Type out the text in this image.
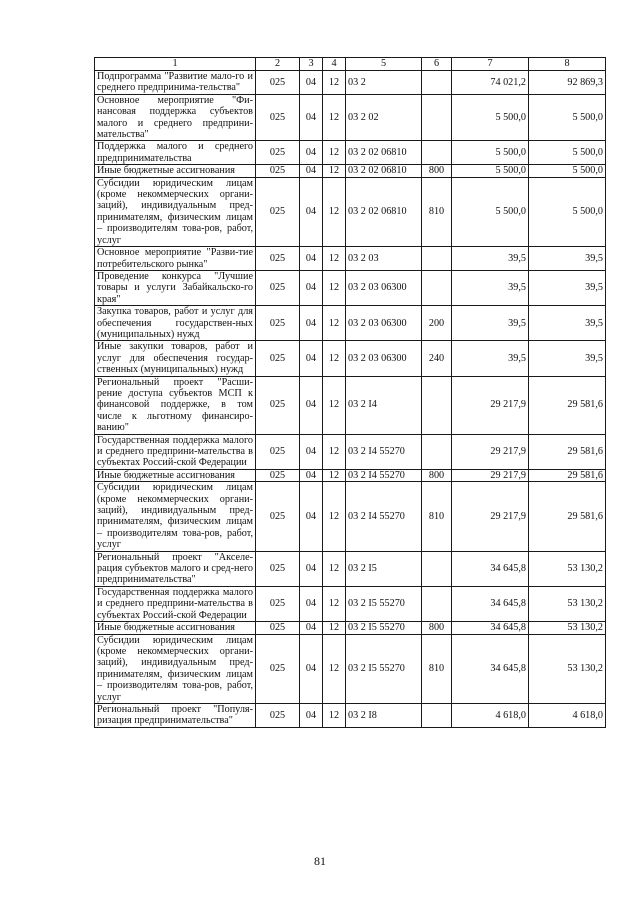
1	2	3	4	5	6	7	8
Подпрограмма "Развитие мало-го и среднего предпринима-тельства"	025	04	12	03 2		74 021,2	92 869,3
Основное мероприятие "Фи-нансовая поддержка субъектов малого и среднего предприни-мательства"	025	04	12	03 2 02		5 500,0	5 500,0
Поддержка малого и среднего предпринимательства	025	04	12	03 2 02 06810		5 500,0	5 500,0
Иные бюджетные ассигнования	025	04	12	03 2 02 06810	800	5 500,0	5 500,0
Субсидии юридическим лицам (кроме некоммерческих органи-заций), индивидуальным пред-принимателям, физическим лицам – производителям това-ров, работ, услуг	025	04	12	03 2 02 06810	810	5 500,0	5 500,0
Основное мероприятие "Разви-тие потребительского рынка"	025	04	12	03 2 03		39,5	39,5
Проведение конкурса "Лучшие товары и услуги Забайкальско-го края"	025	04	12	03 2 03 06300		39,5	39,5
Закупка товаров, работ и услуг для обеспечения государствен-ных (муниципальных) нужд	025	04	12	03 2 03 06300	200	39,5	39,5
Иные закупки товаров, работ и услуг для обеспечения государ-ственных (муниципальных) нужд	025	04	12	03 2 03 06300	240	39,5	39,5
Региональный проект "Расши-рение доступа субъектов МСП к финансовой поддержке, в том числе к льготному финансиро-ванию"	025	04	12	03 2 I4		29 217,9	29 581,6
Государственная поддержка малого и среднего предприни-мательства в субъектах Россий-ской Федерации	025	04	12	03 2 I4 55270		29 217,9	29 581,6
Иные бюджетные ассигнования	025	04	12	03 2 I4 55270	800	29 217,9	29 581,6
Субсидии юридическим лицам (кроме некоммерческих органи-заций), индивидуальным пред-принимателям, физическим лицам – производителям това-ров, работ, услуг	025	04	12	03 2 I4 55270	810	29 217,9	29 581,6
Региональный проект "Акселе-рация субъектов малого и сред-него предпринимательства"	025	04	12	03 2 I5		34 645,8	53 130,2
Государственная поддержка малого и среднего предприни-мательства в субъектах Россий-ской Федерации	025	04	12	03 2 I5 55270		34 645,8	53 130,2
Иные бюджетные ассигнования	025	04	12	03 2 I5 55270	800	34 645,8	53 130,2
Субсидии юридическим лицам (кроме некоммерческих органи-заций), индивидуальным пред-принимателям, физическим лицам – производителям това-ров, работ, услуг	025	04	12	03 2 I5 55270	810	34 645,8	53 130,2
Региональный проект "Популя-ризация предпринимательства"	025	04	12	03 2 I8		4 618,0	4 618,0
81
